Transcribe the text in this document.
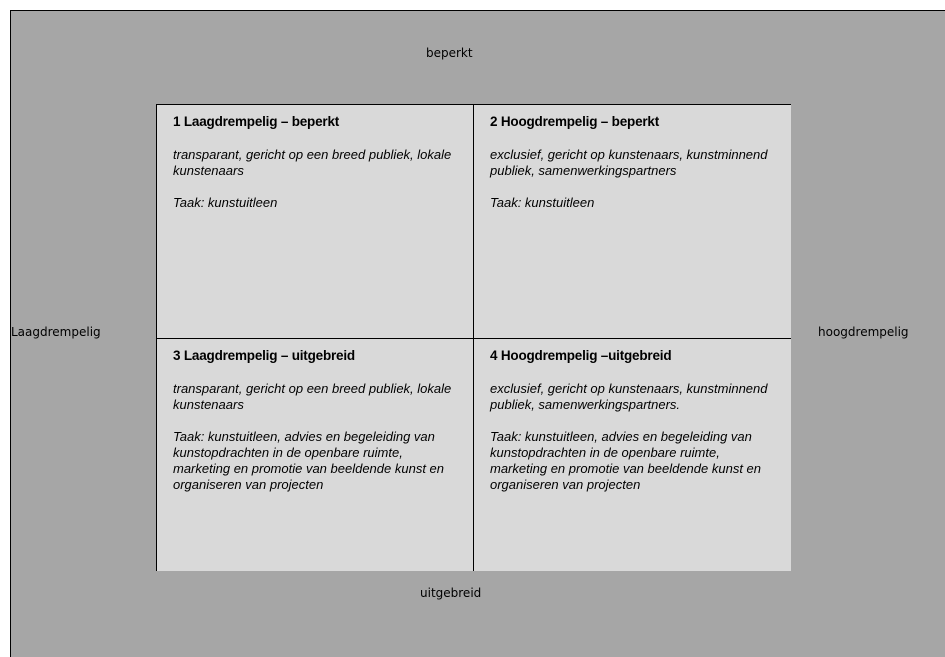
beperkt
uitgebreid
Laagdrempelig	hoogdrempelig

1 Laagdrempelig – beperkt

transparant, gericht op een breed publiek, lokale kunstenaars

Taak: kunstuitleen

2 Hoogdrempelig – beperkt

exclusief, gericht op kunstenaars, kunstminnend publiek, samenwerkingspartners

Taak: kunstuitleen

3 Laagdrempelig – uitgebreid

transparant, gericht op een breed publiek, lokale kunstenaars

Taak: kunstuitleen, advies en begeleiding van kunstopdrachten in de openbare ruimte, marketing en promotie van beeldende kunst en organiseren van projecten

4 Hoogdrempelig –uitgebreid

exclusief, gericht op kunstenaars, kunstminnend publiek, samenwerkingspartners.

Taak: kunstuitleen, advies en begeleiding van kunstopdrachten in de openbare ruimte, marketing en promotie van beeldende kunst en organiseren van projecten
